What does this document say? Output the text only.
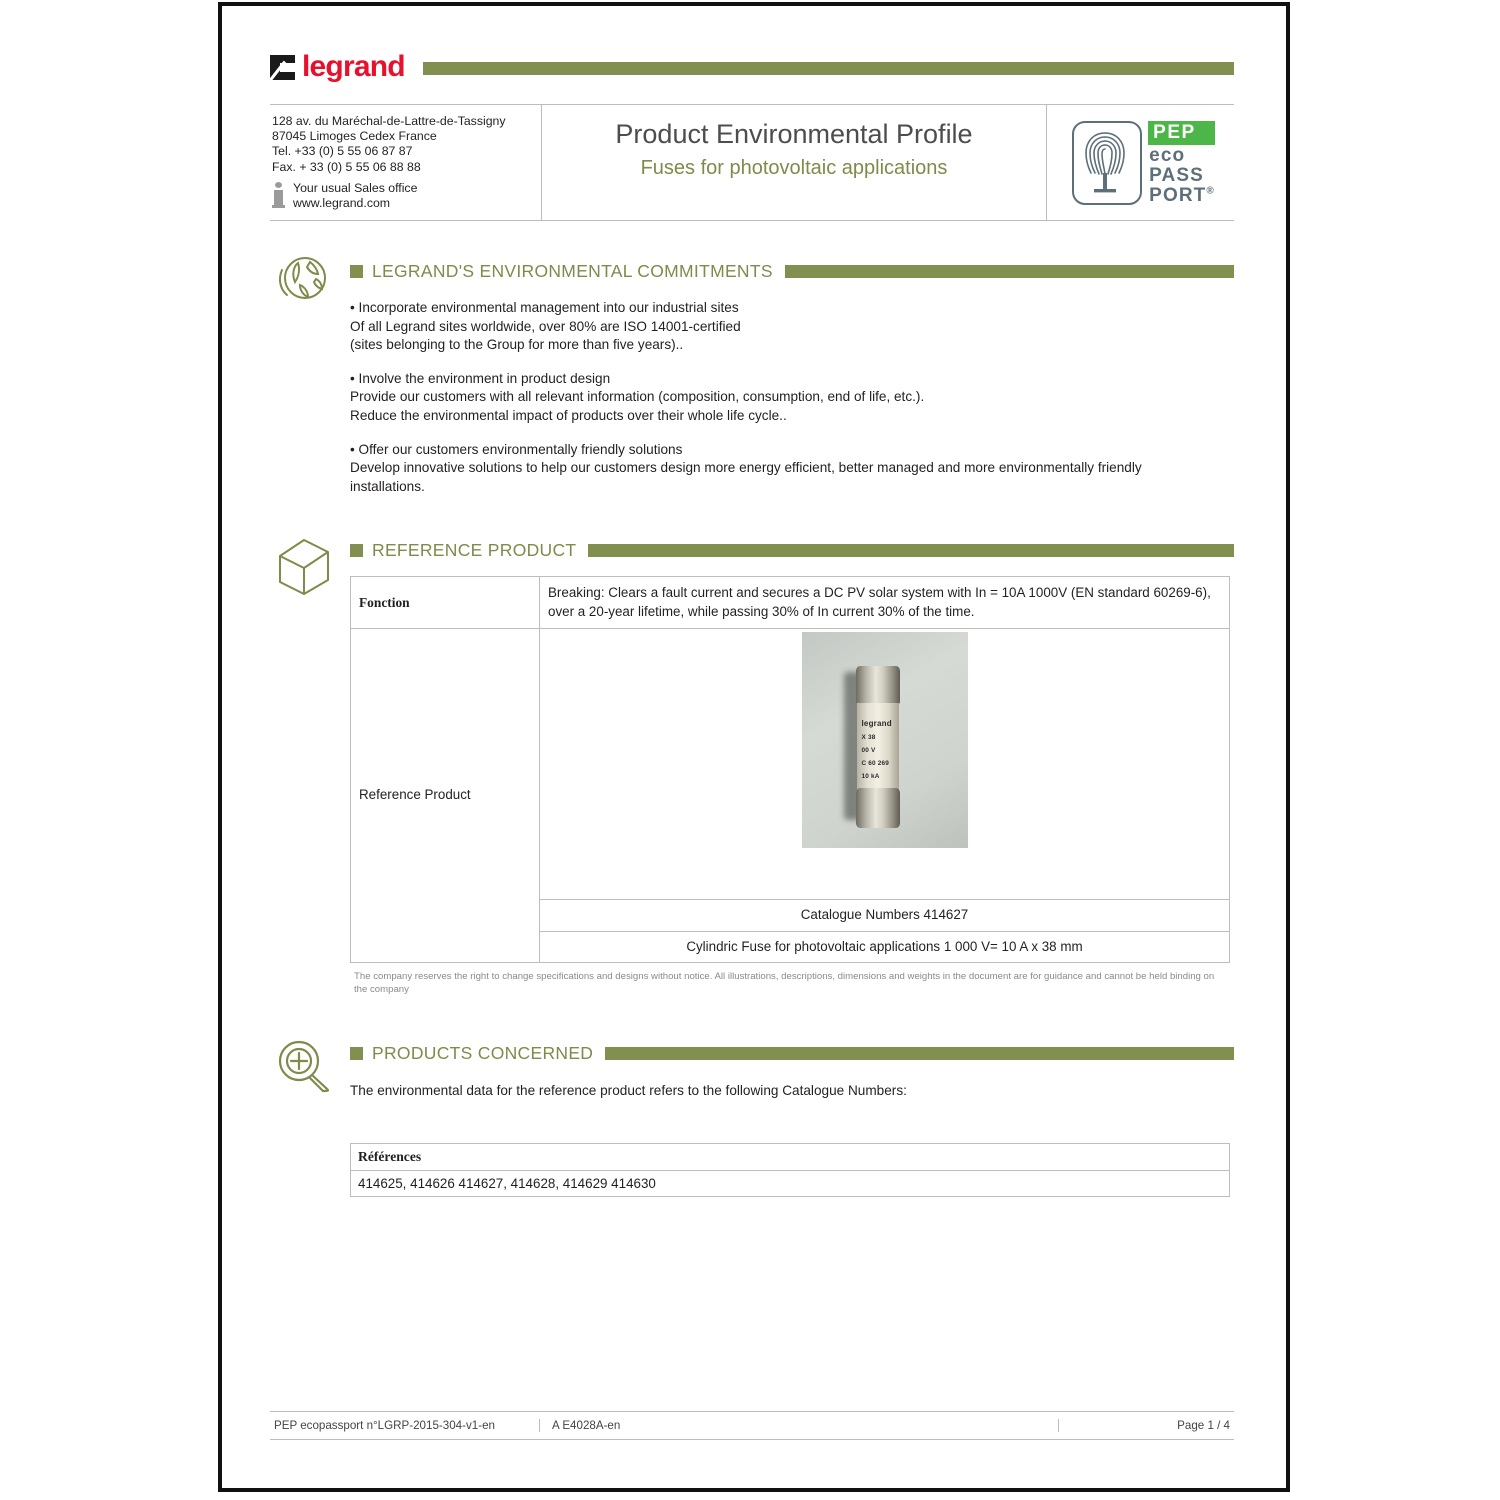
legrand
128 av. du Maréchal-de-Lattre-de-Tassigny
87045 Limoges Cedex France
Tel. +33 (0) 5 55 06 87 87
Fax. + 33 (0) 5 55 06 88 88
Your usual Sales office
www.legrand.com
Product Environmental Profile
Fuses for photovoltaic applications
PEP
eco
PASS
PORT®
LEGRAND'S ENVIRONMENTAL COMMITMENTS
• Incorporate environmental management into our industrial sites
Of all Legrand sites worldwide, over 80% are ISO 14001-certified
(sites belonging to the Group for more than five years)..
• Involve the environment in product design
Provide our customers with all relevant information (composition, consumption, end of life, etc.).
Reduce the environmental impact of products over their whole life cycle..
• Offer our customers environmentally friendly solutions
Develop innovative solutions to help our customers design more energy efficient, better managed and more environmentally friendly
installations.
REFERENCE PRODUCT
Fonction	Breaking: Clears a fault current and secures a DC PV solar system with In = 10A 1000V (EN standard 60269-6), over a 20-year lifetime, while passing 30% of In current 30% of the time.
Reference Product	legrand
X 38
00 V
C 60 269
10 kA

	Catalogue Numbers 414627
	Cylindric Fuse for photovoltaic applications 1 000 V= 10 A x 38 mm
The company reserves the right to change specifications and designs without notice. All illustrations, descriptions, dimensions and weights in the document are for guidance and cannot be held binding on the company
PRODUCTS CONCERNED
The environmental data for the reference product refers to the following Catalogue Numbers:
Références
414625, 414626 414627, 414628, 414629 414630
PEP ecopassport n°LGRP-2015-304-v1-en	A E4028A-en	Page 1 / 4
